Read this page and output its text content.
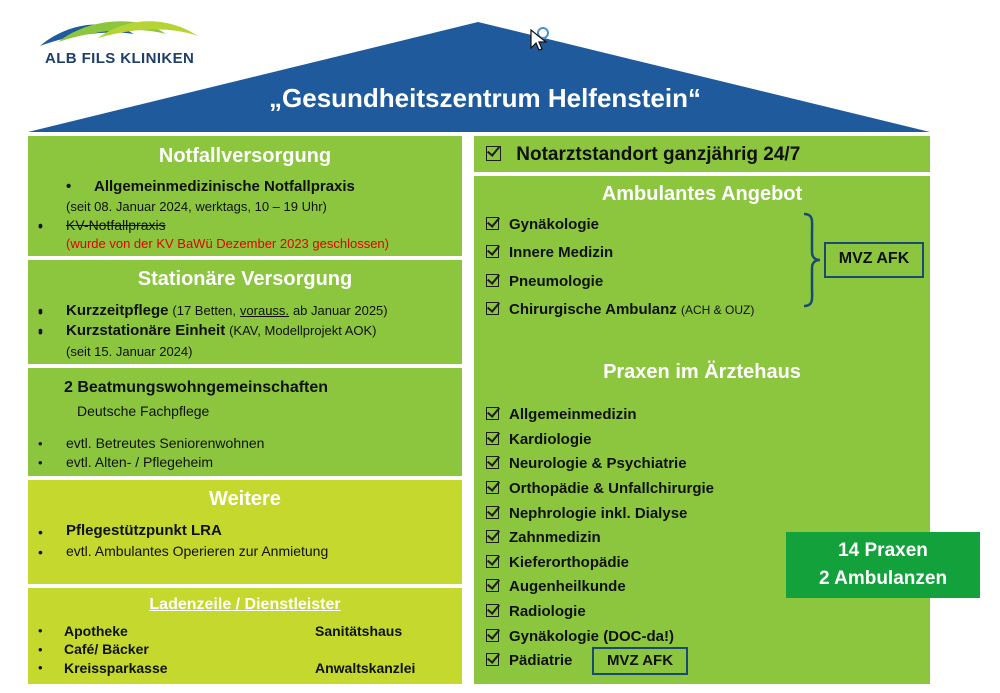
„Gesundheitszentrum Helfenstein“
ALB FILS KLINIKEN
Notfallversorgung
• Allgemeinmedizinische Notfallpraxis
(seit 08. Januar 2024, werktags, 10 – 19 Uhr)
• KV-Notfallpraxis
(wurde von der KV BaWü Dezember 2023 geschlossen)
•
Stationäre Versorgung
• Kurzzeitpflege (17 Betten, vorauss. ab Januar 2025)
• Kurzstationäre Einheit (KAV, Modellprojekt AOK)
(seit 15. Januar 2024)
•
•
2 Beatmungswohngemeinschaften
Deutsche Fachpflege
evtl. Betreutes Seniorenwohnen
evtl. Alten- / Pflegeheim
•
•
Weitere
Pflegestützpunkt LRA
evtl. Ambulantes Operieren zur Anmietung
•
•
Ladenzeile / Dienstleister
Apotheke
Café/ Bäcker
Kreissparkasse
Sanitätshaus
Anwaltskanzlei
•
•
•
Notarztstandort ganzjährig 24/7
Ambulantes Angebot
Gynäkologie
Innere Medizin
Pneumologie
Chirurgische Ambulanz (ACH & OUZ)
MVZ AFK
Praxen im Ärztehaus
Allgemeinmedizin
Kardiologie
Neurologie & Psychiatrie
Orthopädie & Unfallchirurgie
Nephrologie inkl. Dialyse
Zahnmedizin
Kieferorthopädie
Augenheilkunde
Radiologie
Gynäkologie (DOC-da!)
Pädiatrie	MVZ AFK
14 Praxen
2 Ambulanzen
